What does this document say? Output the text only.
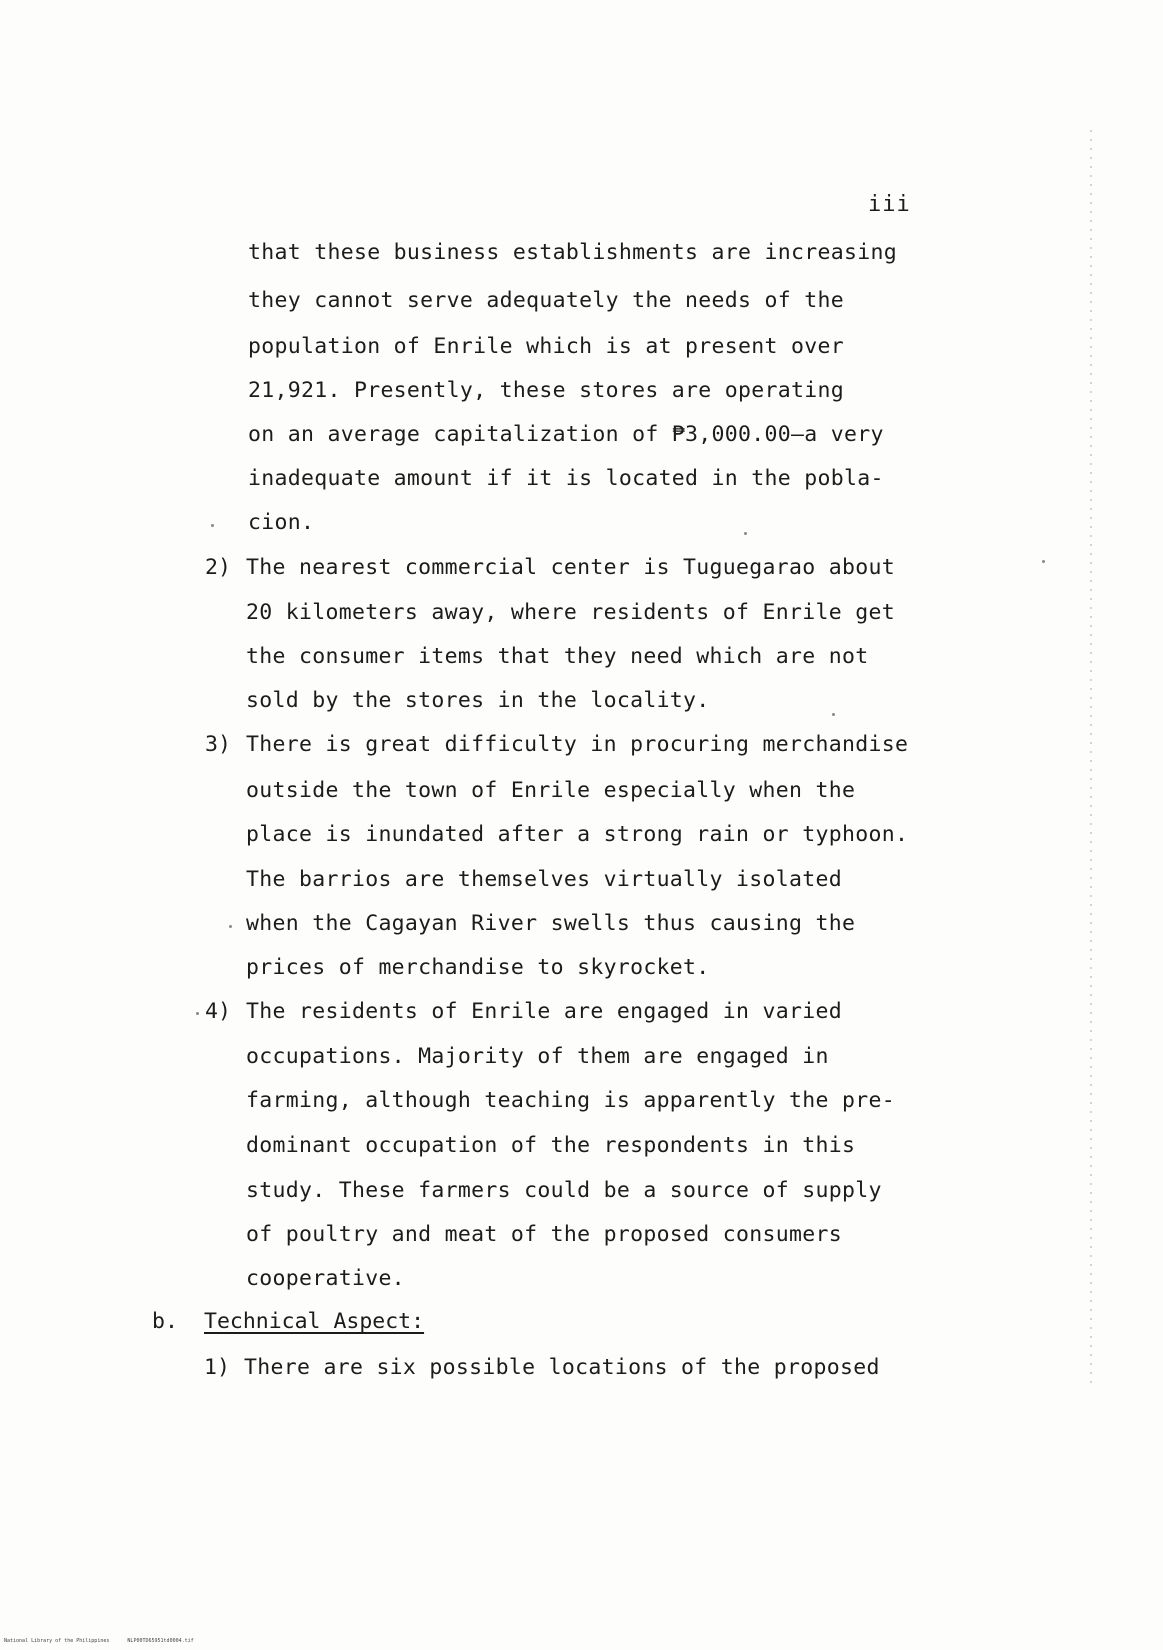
iii
that these business establishments are increasing
they cannot serve adequately the needs of the
population of Enrile which is at present over
21,921. Presently, these stores are operating
on an average capitalization of ₱3,000.00—a very
inadequate amount if it is located in the pobla-
cion.
2) The nearest commercial center is Tuguegarao about
20 kilometers away, where residents of Enrile get
the consumer items that they need which are not
sold by the stores in the locality.
3) There is great difficulty in procuring merchandise
outside the town of Enrile especially when the
place is inundated after a strong rain or typhoon.
The barrios are themselves virtually isolated
when the Cagayan River swells thus causing the
prices of merchandise to skyrocket.
4) The residents of Enrile are engaged in varied
occupations. Majority of them are engaged in
farming, although teaching is apparently the pre-
dominant occupation of the respondents in this
study. These farmers could be a source of supply
of poultry and meat of the proposed consumers
cooperative.
b. Technical Aspect:
1) There are six possible locations of the proposed
National Library of the Philippines	NLP00TD65951td0004.tif
